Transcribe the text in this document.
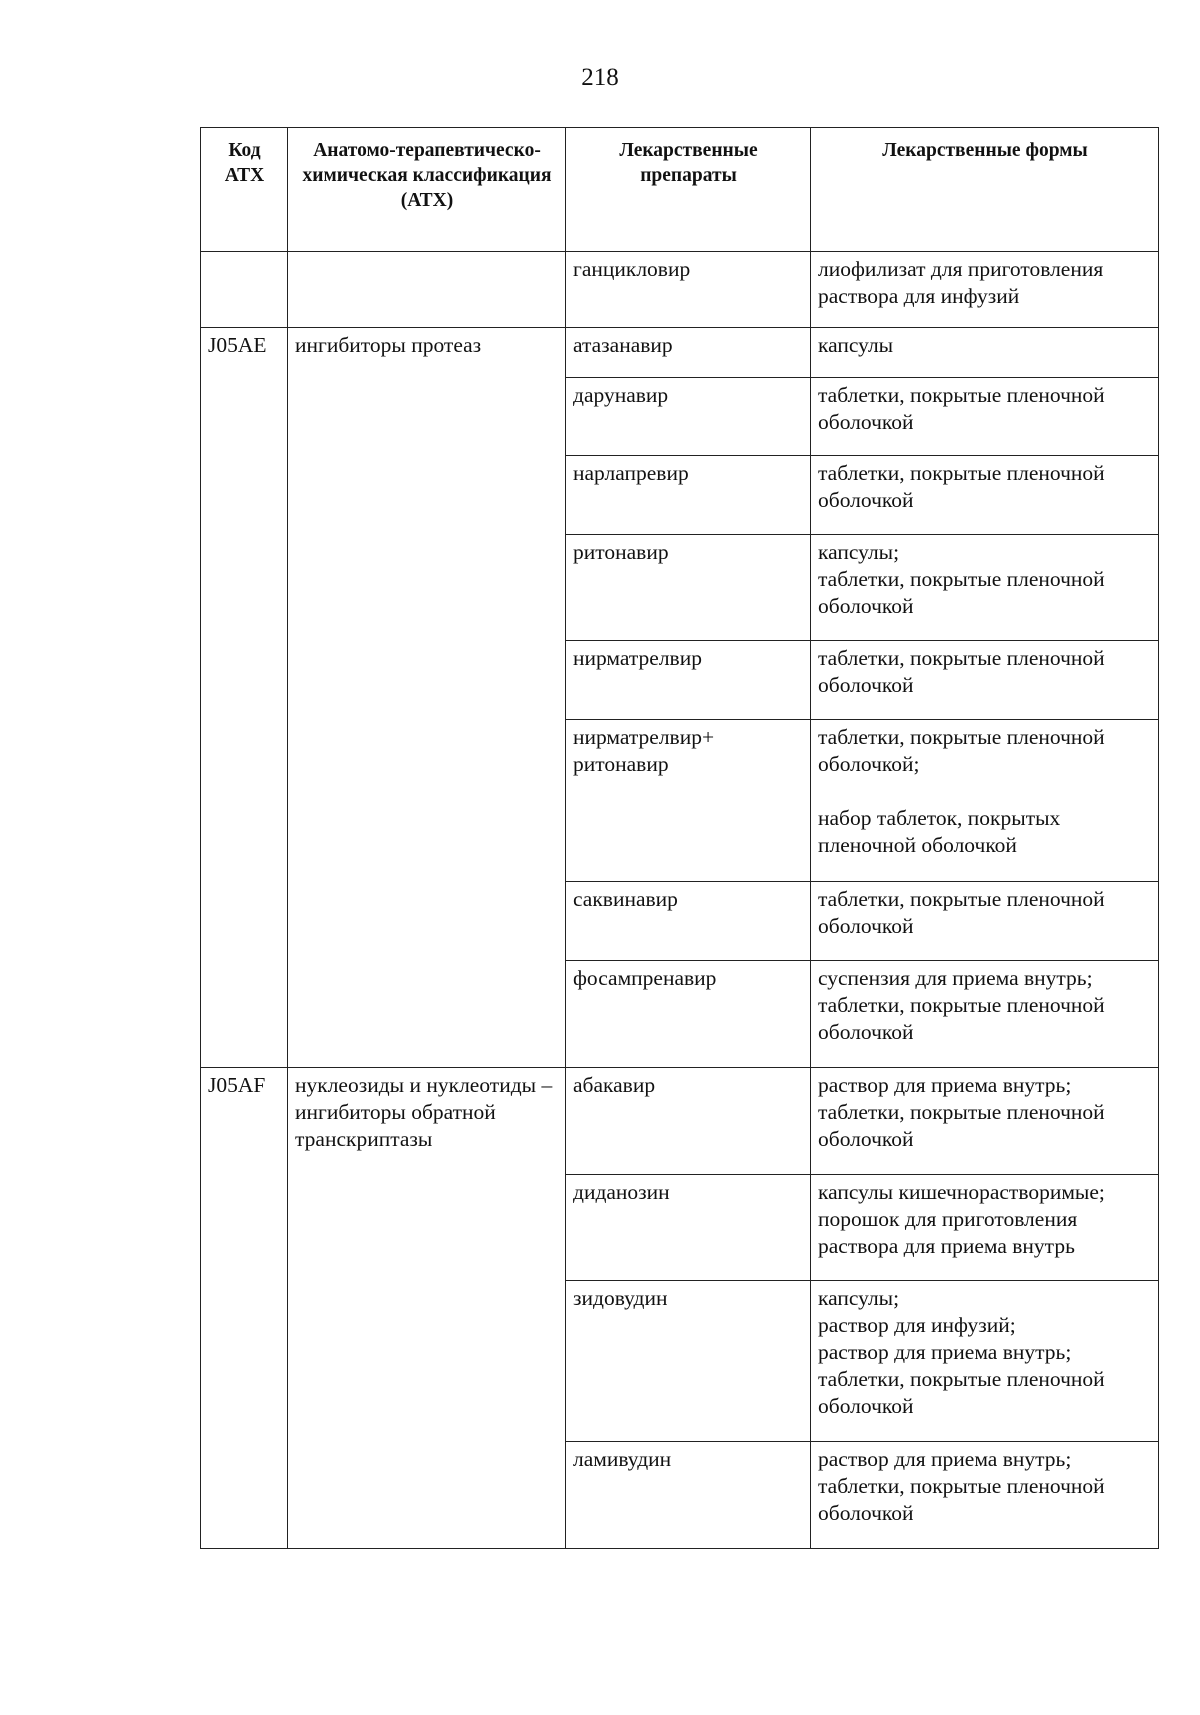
218
Код АТХ	Анатомо-терапевтическо-химическая классификация (АТХ)	Лекарственные препараты	Лекарственные формы
		ганцикловир	лиофилизат для приготовления раствора для инфузий

J05AE	ингибиторы протеаз	атазанавир	капсулы

		дарунавир	таблетки, покрытые пленочной оболочкой

		нарлапревир	таблетки, покрытые пленочной оболочкой

		ритонавир	капсулы;
таблетки, покрытые пленочной оболочкой

		нирматрелвир	таблетки, покрытые пленочной оболочкой

		нирматрелвир+ ритонавир	таблетки, покрытые пленочной оболочкой;
набор таблеток, покрытых пленочной оболочкой

		саквинавир	таблетки, покрытые пленочной оболочкой

		фосампренавир	суспензия для приема внутрь;
таблетки, покрытые пленочной оболочкой

J05AF	нуклеозиды и нуклеотиды – ингибиторы обратной транскриптазы	абакавир	раствор для приема внутрь;
таблетки, покрытые пленочной оболочкой

		диданозин	капсулы кишечнорастворимые;
порошок для приготовления раствора для приема внутрь

		зидовудин	капсулы;
раствор для инфузий;
раствор для приема внутрь;
таблетки, покрытые пленочной оболочкой

		ламивудин	раствор для приема внутрь;
таблетки, покрытые пленочной оболочкой
